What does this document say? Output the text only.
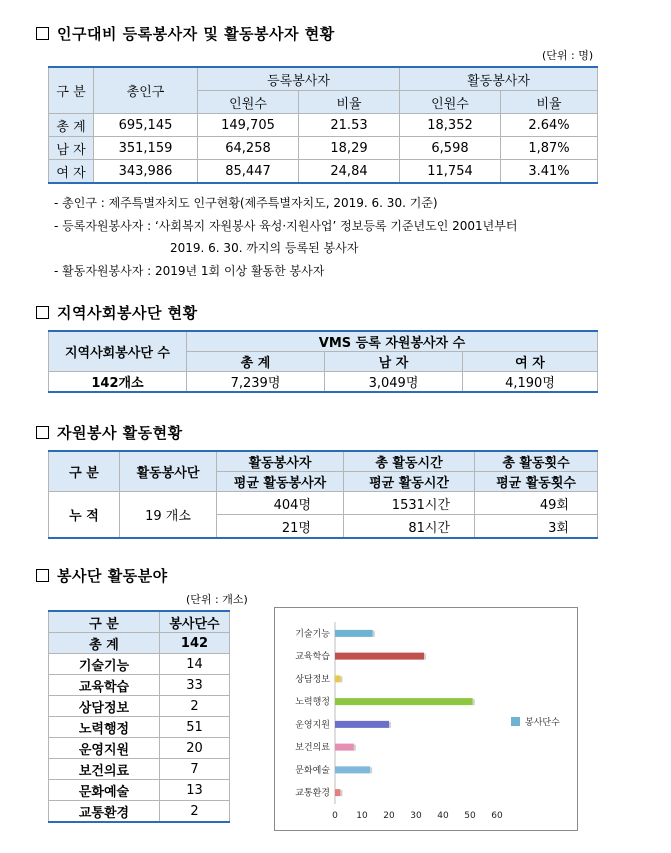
인구대비 등록봉사자 및 활동봉사자 현황
(단위 : 명)
구 분	총인구	등록봉사자		활동봉사자	
		인원수	비율	인원수	비율
총 계	695,145	149,705	21.53	18,352	2.64%
남 자	351,159	64,258	18,29	6,598	1,87%
여 자	343,986	85,447	24,84	11,754	3.41%
- 총인구 : 제주특별자치도 인구현황(제주특별자치도, 2019. 6. 30. 기준)
- 등록자원봉사자 : ‘사회복지 자원봉사 육성·지원사업’ 정보등록 기준년도인 2001년부터
2019. 6. 30. 까지의 등록된 봉사자
- 활동자원봉사자 : 2019년 1회 이상 활동한 봉사자
지역사회봉사단 현황
지역사회봉사단 수	VMS 등록 자원봉사자 수		
	총 계	남 자	여 자
142개소	7,239명	3,049명	4,190명
자원봉사 활동현황
구 분	활동봉사단	활동봉사자	총 활동시간	총 활동횟수
		평균 활동봉사자	평균 활동시간	평균 활동횟수
누 적	19 개소	404명	1531시간	49회
		21명	81시간	3회
봉사단 활동분야
(단위 : 개소)
구 분	봉사단수
총 계	142
기술기능	14
교육학습	33
상담정보	2
노력행정	51
운영지원	20
보건의료	7
문화예술	13
교통환경	2
기술기능
교육학습
상담정보
노력행정
운영지원
보건의료
문화예술
교통환경
0 10 20 30 40 50 60
봉사단수
